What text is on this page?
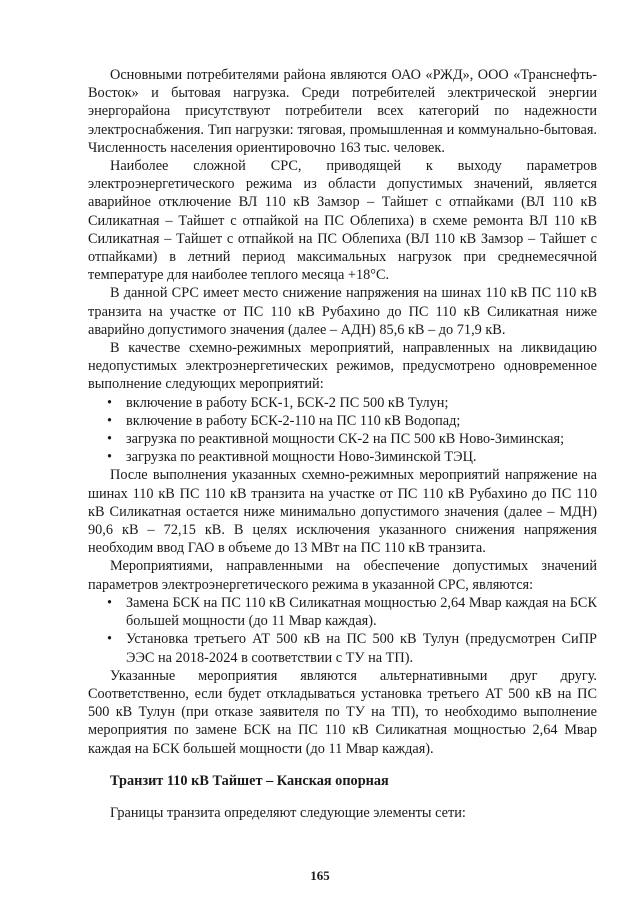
Основными потребителями района являются ОАО «РЖД», ООО «Транснефть-Восток» и бытовая нагрузка. Среди потребителей электрической энергии энергорайона присутствуют потребители всех категорий по надежности электроснабжения. Тип нагрузки: тяговая, промышленная и коммунально-бытовая. Численность населения ориентировочно 163 тыс. человек.

Наиболее сложной СРС, приводящей к выходу параметров электроэнергетического режима из области допустимых значений, является аварийное отключение ВЛ 110 кВ Замзор – Тайшет с отпайками (ВЛ 110 кВ Силикатная – Тайшет с отпайкой на ПС Облепиха) в схеме ремонта ВЛ 110 кВ Силикатная – Тайшет с отпайкой на ПС Облепиха (ВЛ 110 кВ Замзор – Тайшет с отпайками) в летний период максимальных нагрузок при среднемесячной температуре для наиболее теплого месяца +18°C.

В данной СРС имеет место снижение напряжения на шинах 110 кВ ПС 110 кВ транзита на участке от ПС 110 кВ Рубахино до ПС 110 кВ Силикатная ниже аварийно допустимого значения (далее – АДН) 85,6 кВ – до 71,9 кВ.

В качестве схемно-режимных мероприятий, направленных на ликвидацию недопустимых электроэнергетических режимов, предусмотрено одновременное выполнение следующих мероприятий:

• включение в работу БСК-1, БСК-2 ПС 500 кВ Тулун;
• включение в работу БСК-2-110 на ПС 110 кВ Водопад;
• загрузка по реактивной мощности СК-2 на ПС 500 кВ Ново-Зиминская;
• загрузка по реактивной мощности Ново-Зиминской ТЭЦ.

После выполнения указанных схемно-режимных мероприятий напряжение на шинах 110 кВ ПС 110 кВ транзита на участке от ПС 110 кВ Рубахино до ПС 110 кВ Силикатная остается ниже минимально допустимого значения (далее – МДН) 90,6 кВ – 72,15 кВ. В целях исключения указанного снижения напряжения необходим ввод ГАО в объеме до 13 МВт на ПС 110 кВ транзита.

Мероприятиями, направленными на обеспечение допустимых значений параметров электроэнергетического режима в указанной СРС, являются:

• Замена БСК на ПС 110 кВ Силикатная мощностью 2,64 Мвар каждая на БСК большей мощности (до 11 Мвар каждая).
• Установка третьего АТ 500 кВ на ПС 500 кВ Тулун (предусмотрен СиПР ЭЭС на 2018-2024 в соответствии с ТУ на ТП).

Указанные мероприятия являются альтернативными друг другу. Соответственно, если будет откладываться установка третьего АТ 500 кВ на ПС 500 кВ Тулун (при отказе заявителя по ТУ на ТП), то необходимо выполнение мероприятия по замене БСК на ПС 110 кВ Силикатная мощностью 2,64 Мвар каждая на БСК большей мощности (до 11 Мвар каждая).

Транзит 110 кВ Тайшет – Канская опорная

Границы транзита определяют следующие элементы сети:

165
